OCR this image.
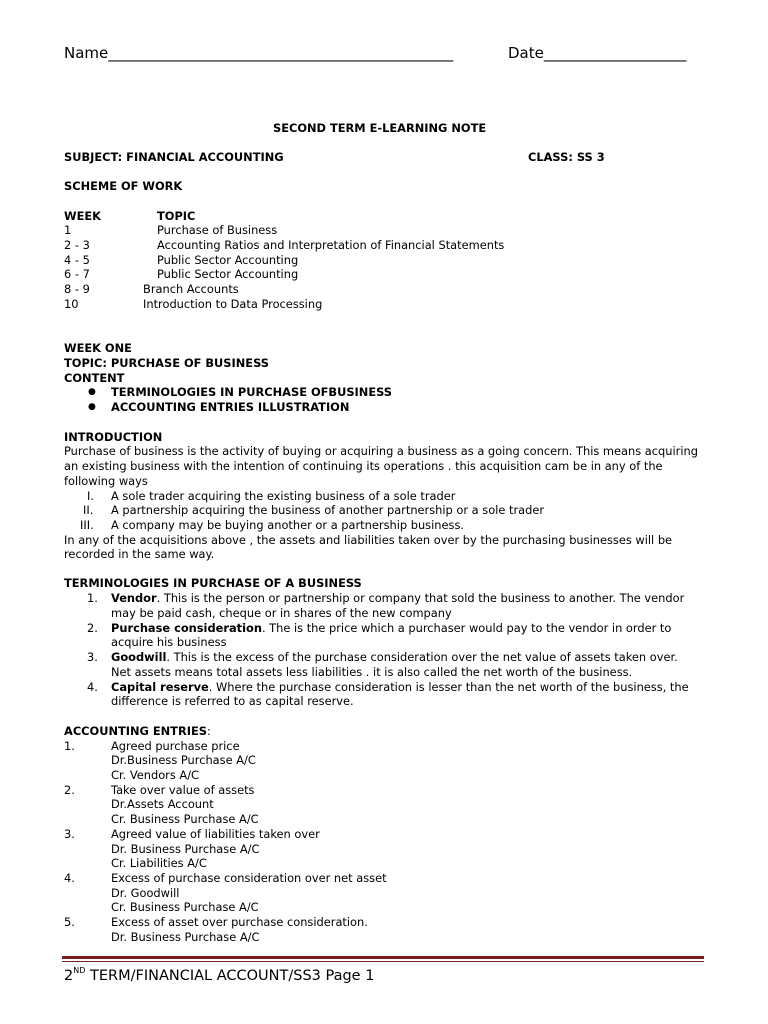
Name______________________________________________	Date___________________
SECOND TERM E-LEARNING NOTE
SUBJECT: FINANCIAL ACCOUNTING	CLASS: SS 3
SCHEME OF WORK
WEEK	TOPIC
1	Purchase of Business
2 - 3	Accounting Ratios and Interpretation of Financial Statements
4 - 5	Public Sector Accounting
6 - 7	Public Sector Accounting
8 - 9	Branch Accounts
10	Introduction to Data Processing
WEEK ONE
TOPIC: PURCHASE OF BUSINESS
CONTENT
● TERMINOLOGIES IN PURCHASE OFBUSINESS
● ACCOUNTING ENTRIES ILLUSTRATION
INTRODUCTION
Purchase of business is the activity of buying or acquiring a business as a going concern. This means acquiring
an existing business with the intention of continuing its operations . this acquisition cam be in any of the
following ways
I. A sole trader acquiring the existing business of a sole trader
II. A partnership acquiring the business of another partnership or a sole trader
III. A company may be buying another or a partnership business.
In any of the acquisitions above , the assets and liabilities taken over by the purchasing businesses will be
recorded in the same way.
TERMINOLOGIES IN PURCHASE OF A BUSINESS
1. Vendor. This is the person or partnership or company that sold the business to another. The vendor
may be paid cash, cheque or in shares of the new company
2. Purchase consideration. The is the price which a purchaser would pay to the vendor in order to
acquire his business
3. Goodwill. This is the excess of the purchase consideration over the net value of assets taken over.
Net assets means total assets less liabilities . it is also called the net worth of the business.
4. Capital reserve. Where the purchase consideration is lesser than the net worth of the business, the
difference is referred to as capital reserve.
ACCOUNTING ENTRIES:
1.	Agreed purchase price
Dr.Business Purchase A/C
Cr. Vendors A/C
2.	Take over value of assets
Dr.Assets Account
Cr. Business Purchase A/C
3.	Agreed value of liabilities taken over
Dr. Business Purchase A/C
Cr. Liabilities A/C
4.	Excess of purchase consideration over net asset
Dr. Goodwill
Cr. Business Purchase A/C
5.	Excess of asset over purchase consideration.
Dr. Business Purchase A/C
2ND TERM/FINANCIAL ACCOUNT/SS3 Page 1
